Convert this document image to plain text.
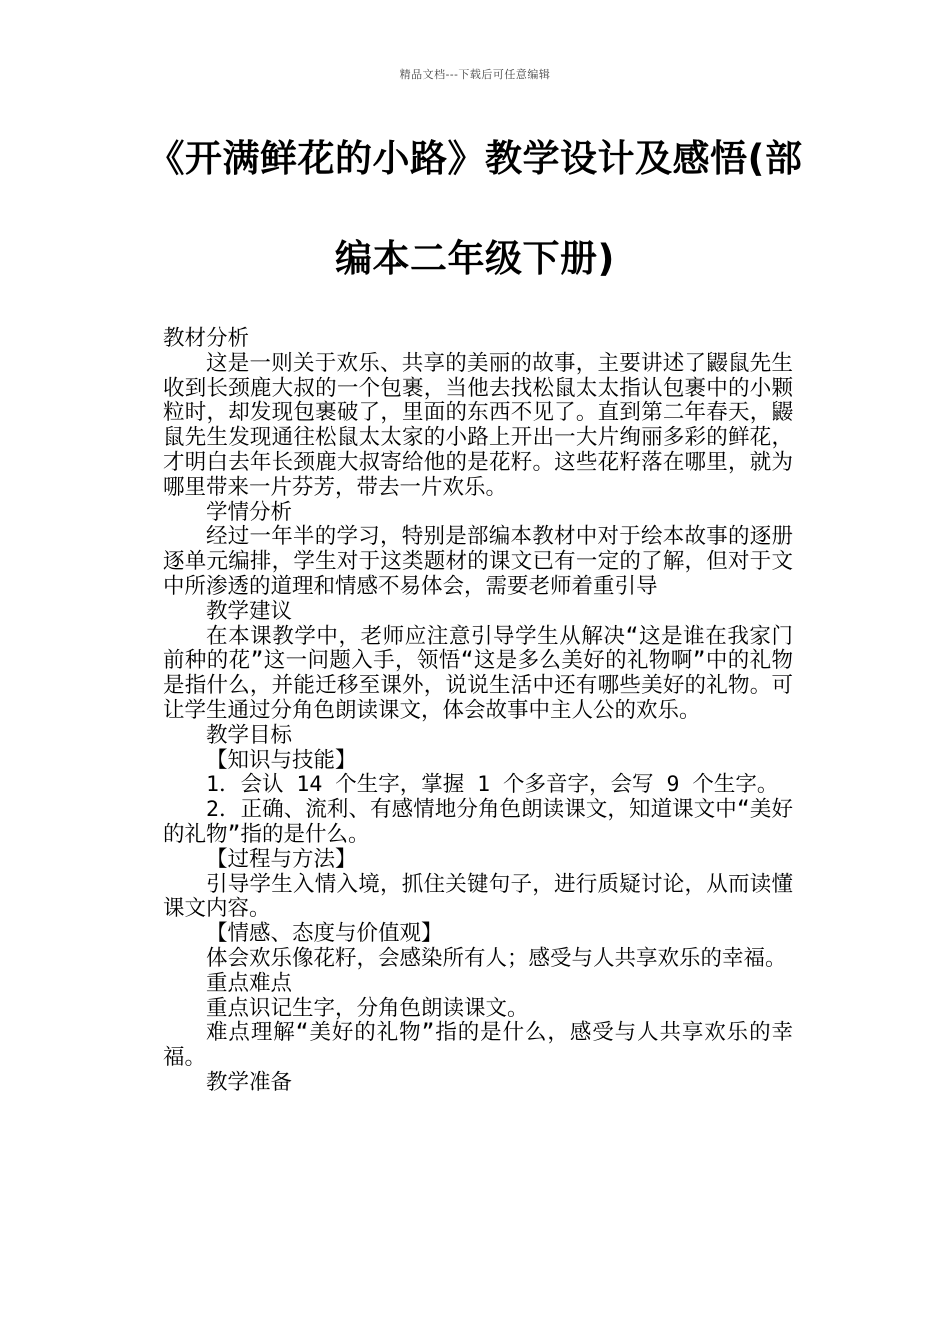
精品文档---下载后可任意编辑
《开满鲜花的小路》教学设计及感悟(部
编本二年级下册)

教材分析

这是一则关于欢乐、共享的美丽的故事，主要讲述了鼹鼠先生收到长颈鹿大叔的一个包裹，当他去找松鼠太太指认包裹中的小颗粒时，却发现包裹破了，里面的东西不见了。直到第二年春天，鼹鼠先生发现通往松鼠太太家的小路上开出一大片绚丽多彩的鲜花，才明白去年长颈鹿大叔寄给他的是花籽。这些花籽落在哪里，就为哪里带来一片芬芳，带去一片欢乐。

学情分析

经过一年半的学习，特别是部编本教材中对于绘本故事的逐册逐单元编排，学生对于这类题材的课文已有一定的了解，但对于文中所渗透的道理和情感不易体会，需要老师着重引导

教学建议

在本课教学中，老师应注意引导学生从解决“这是谁在我家门前种的花”这一问题入手，领悟“这是多么美好的礼物啊”中的礼物是指什么，并能迁移至课外，说说生活中还有哪些美好的礼物。可让学生通过分角色朗读课文，体会故事中主人公的欢乐。

教学目标

【知识与技能】

1．会认 14 个生字，掌握 1 个多音字，会写 9 个生字。

2．正确、流利、有感情地分角色朗读课文，知道课文中“美好的礼物”指的是什么。

【过程与方法】

引导学生入情入境，抓住关键句子，进行质疑讨论，从而读懂课文内容。

【情感、态度与价值观】

体会欢乐像花籽，会感染所有人；感受与人共享欢乐的幸福。

重点难点

重点识记生字，分角色朗读课文。

难点理解“美好的礼物”指的是什么，感受与人共享欢乐的幸福。

教学准备
